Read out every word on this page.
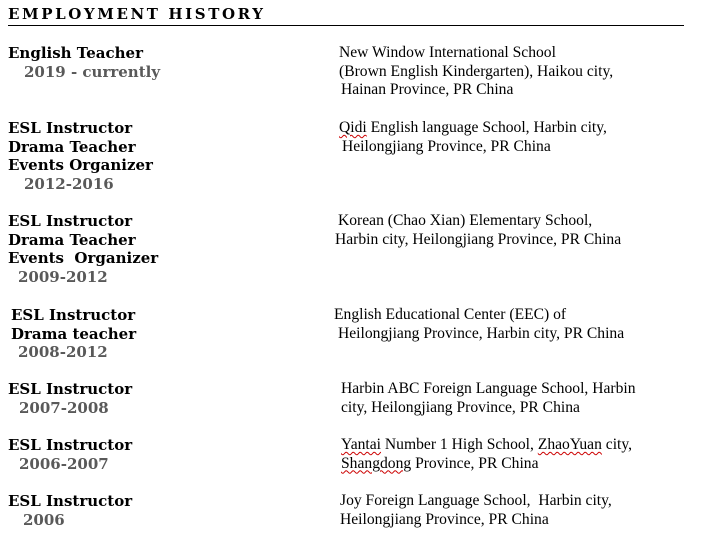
EMPLOYMENT HISTORY
English Teacher
2019 - currently
New Window International School
(Brown English Kindergarten), Haikou city,
Hainan Province, PR China
ESL Instructor
Drama Teacher
Events Organizer
2012-2016
Qidi English language School, Harbin city,
Heilongjiang Province, PR China
ESL Instructor
Drama Teacher
Events  Organizer
2009-2012
Korean (Chao Xian) Elementary School,
Harbin city, Heilongjiang Province, PR China
ESL Instructor
Drama teacher
2008-2012
English Educational Center (EEC) of
Heilongjiang Province, Harbin city, PR China
ESL Instructor
2007-2008
Harbin ABC Foreign Language School, Harbin
city, Heilongjiang Province, PR China
ESL Instructor
2006-2007
Yantai Number 1 High School, ZhaoYuan city,
Shangdong Province, PR China
ESL Instructor
2006
Joy Foreign Language School,  Harbin city,
Heilongjiang Province, PR China
